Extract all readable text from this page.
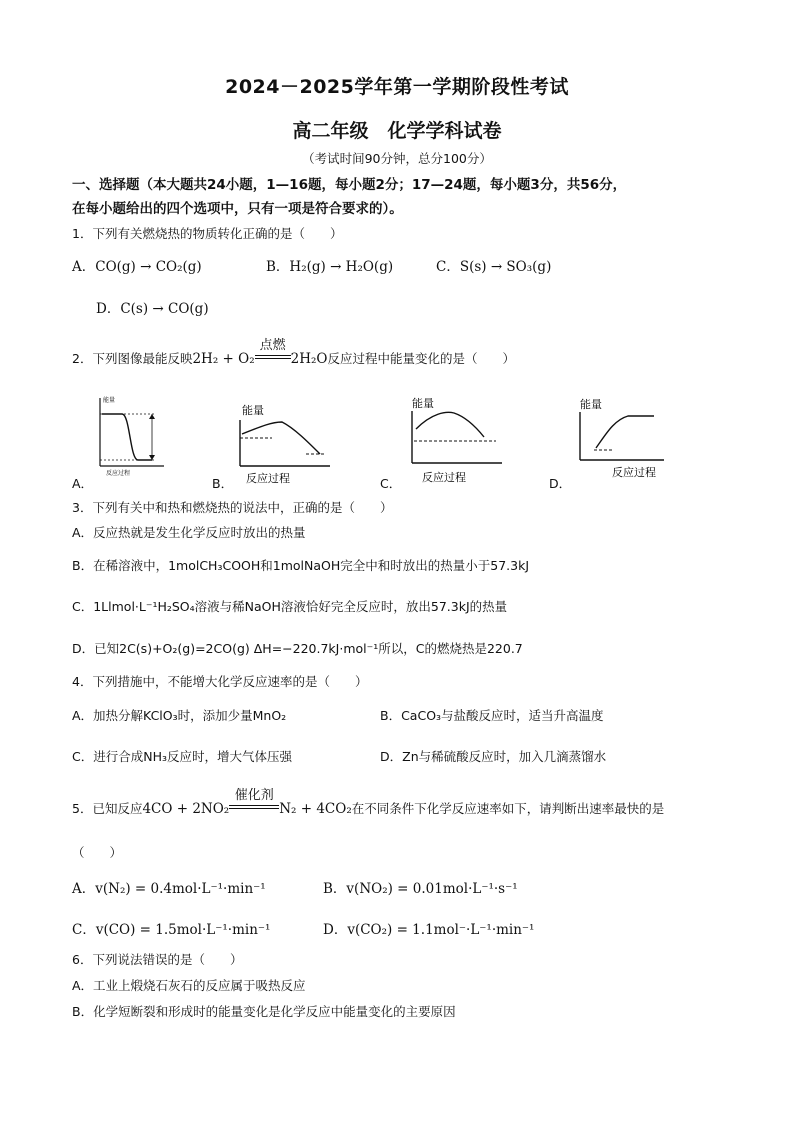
2024－2025学年第一学期阶段性考试
高二年级　化学学科试卷
（考试时间90分钟，总分100分）
一、选择题（本大题共24小题，1—16题，每小题2分；17—24题，每小题3分，共56分，
在每小题给出的四个选项中，只有一项是符合要求的）。
1．下列有关燃烧热的物质转化正确的是（　　）
A．CO(g) → CO₂(g)	B．H₂(g) → H₂O(g)	C．S(s) → SO₃(g)
D．C(s) → CO(g)
2．下列图像最能反映2H₂ + O₂
点燃
2H₂O反应过程中能量变化的是（　　）
能量
反应过程
A．
能量
反应过程
B．
能量
反应过程
C．
能量
反应过程
D．
3．下列有关中和热和燃烧热的说法中，正确的是（　　）
A．反应热就是发生化学反应时放出的热量
B．在稀溶液中，1molCH₃COOH和1molNaOH完全中和时放出的热量小于57.3kJ
C．1Llmol·L⁻¹H₂SO₄溶液与稀NaOH溶液恰好完全反应时，放出57.3kJ的热量
D．已知2C(s)+O₂(g)=2CO(g) ΔH=−220.7kJ·mol⁻¹所以，C的燃烧热是220.7
4．下列措施中，不能增大化学反应速率的是（　　）
A．加热分解KClO₃时，添加少量MnO₂	B．CaCO₃与盐酸反应时，适当升高温度
C．进行合成NH₃反应时，增大气体压强	D．Zn与稀硫酸反应时，加入几滴蒸馏水
5．已知反应4CO + 2NO₂
催化剂
N₂ + 4CO₂在不同条件下化学反应速率如下，请判断出速率最快的是
（　　）
A．v(N₂) = 0.4mol·L⁻¹·min⁻¹	B．v(NO₂) = 0.01mol·L⁻¹·s⁻¹
C．v(CO) = 1.5mol·L⁻¹·min⁻¹	D．v(CO₂) = 1.1mol⁻·L⁻¹·min⁻¹
6．下列说法错误的是（　　）
A．工业上煅烧石灰石的反应属于吸热反应
B．化学短断裂和形成时的能量变化是化学反应中能量变化的主要原因
